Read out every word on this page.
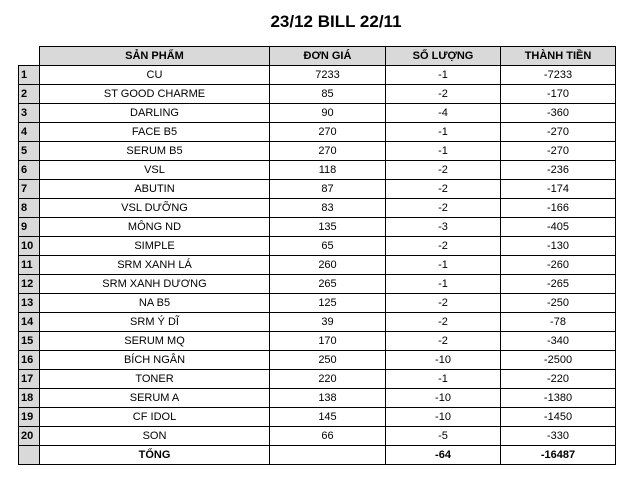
23/12 BILL 22/11
	SẢN PHẨM	ĐƠN GIÁ	SỐ LƯỢNG	THÀNH TIỀN
1	CU	7233	-1	-7233
2	ST GOOD CHARME	85	-2	-170
3	DARLING	90	-4	-360
4	FACE B5	270	-1	-270
5	SERUM B5	270	-1	-270
6	VSL	118	-2	-236
7	ABUTIN	87	-2	-174
8	VSL DƯỠNG	83	-2	-166
9	MÔNG ND	135	-3	-405
10	SIMPLE	65	-2	-130
11	SRM XANH LÁ	260	-1	-260
12	SRM XANH DƯƠNG	265	-1	-265
13	NA B5	125	-2	-250
14	SRM Ý DĨ	39	-2	-78
15	SERUM MQ	170	-2	-340
16	BÍCH NGÂN	250	-10	-2500
17	TONER	220	-1	-220
18	SERUM A	138	-10	-1380
19	CF IDOL	145	-10	-1450
20	SON	66	-5	-330
	TỔNG		-64	-16487
